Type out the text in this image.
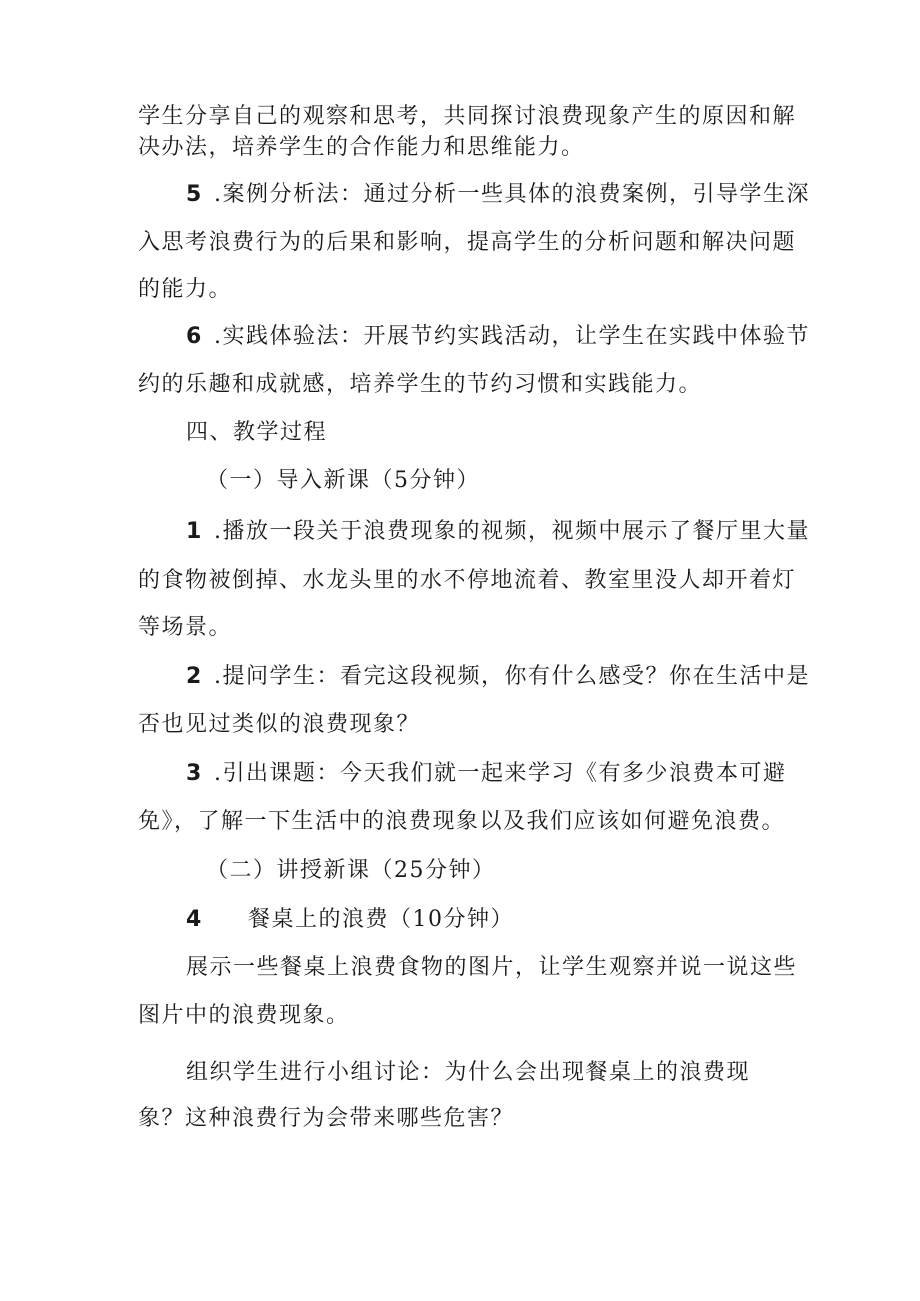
学生分享自己的观察和思考，共同探讨浪费现象产生的原因和解
决办法，培养学生的合作能力和思维能力。
5 .案例分析法：通过分析一些具体的浪费案例，引导学生深
入思考浪费行为的后果和影响，提高学生的分析问题和解决问题
的能力。
6 .实践体验法：开展节约实践活动，让学生在实践中体验节
约的乐趣和成就感，培养学生的节约习惯和实践能力。
四、教学过程
（一）导入新课（5分钟）
1 .播放一段关于浪费现象的视频，视频中展示了餐厅里大量
的食物被倒掉、水龙头里的水不停地流着、教室里没人却开着灯
等场景。
2 .提问学生：看完这段视频，你有什么感受？你在生活中是
否也见过类似的浪费现象？
3 .引出课题：今天我们就一起来学习《有多少浪费本可避
免》，了解一下生活中的浪费现象以及我们应该如何避免浪费。
（二）讲授新课（25分钟）
4 餐桌上的浪费（10分钟）
展示一些餐桌上浪费食物的图片，让学生观察并说一说这些
图片中的浪费现象。
组织学生进行小组讨论：为什么会出现餐桌上的浪费现
象？这种浪费行为会带来哪些危害？
